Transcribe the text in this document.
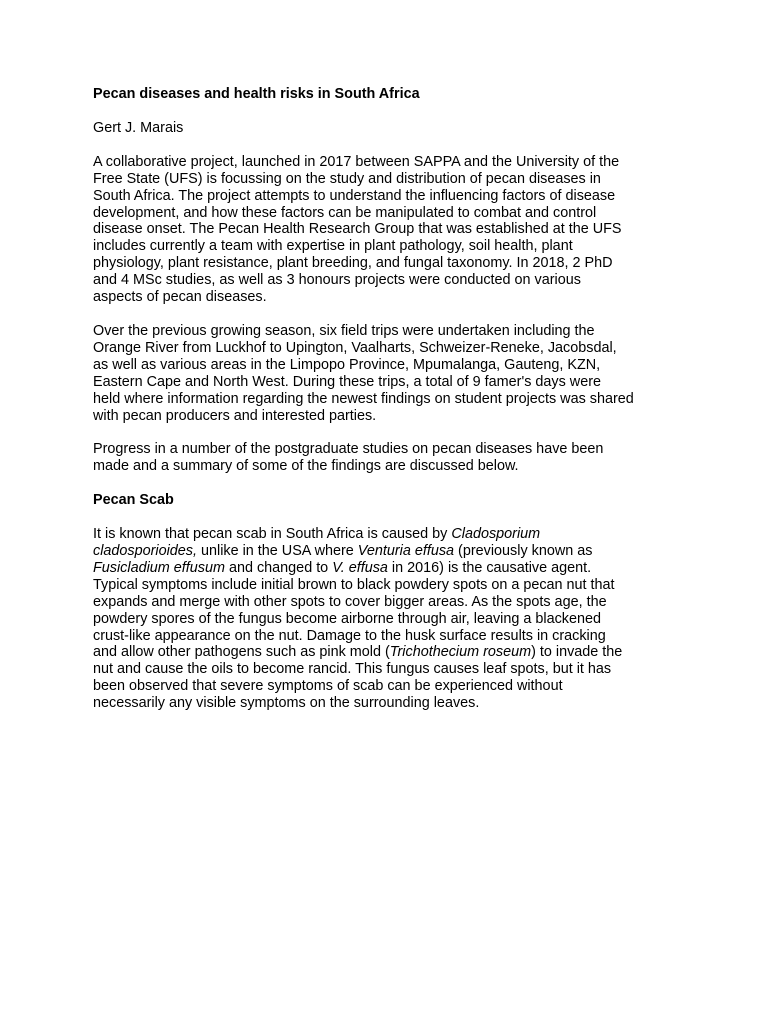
Pecan diseases and health risks in South Africa
Gert J. Marais
A collaborative project, launched in 2017 between SAPPA and the University of the
Free State (UFS) is focussing on the study and distribution of pecan diseases in
South Africa. The project attempts to understand the influencing factors of disease
development, and how these factors can be manipulated to combat and control
disease onset. The Pecan Health Research Group that was established at the UFS
includes currently a team with expertise in plant pathology, soil health, plant
physiology, plant resistance, plant breeding, and fungal taxonomy. In 2018, 2 PhD
and 4 MSc studies, as well as 3 honours projects were conducted on various
aspects of pecan diseases.
Over the previous growing season, six field trips were undertaken including the
Orange River from Luckhof to Upington, Vaalharts, Schweizer-Reneke, Jacobsdal,
as well as various areas in the Limpopo Province, Mpumalanga, Gauteng, KZN,
Eastern Cape and North West. During these trips, a total of 9 famer's days were
held where information regarding the newest findings on student projects was shared
with pecan producers and interested parties.
Progress in a number of the postgraduate studies on pecan diseases have been
made and a summary of some of the findings are discussed below.
Pecan Scab
It is known that pecan scab in South Africa is caused by Cladosporium
cladosporioides, unlike in the USA where Venturia effusa (previously known as
Fusicladium effusum and changed to V. effusa in 2016) is the causative agent.
Typical symptoms include initial brown to black powdery spots on a pecan nut that
expands and merge with other spots to cover bigger areas. As the spots age, the
powdery spores of the fungus become airborne through air, leaving a blackened
crust-like appearance on the nut. Damage to the husk surface results in cracking
and allow other pathogens such as pink mold (Trichothecium roseum) to invade the
nut and cause the oils to become rancid. This fungus causes leaf spots, but it has
been observed that severe symptoms of scab can be experienced without
necessarily any visible symptoms on the surrounding leaves.
